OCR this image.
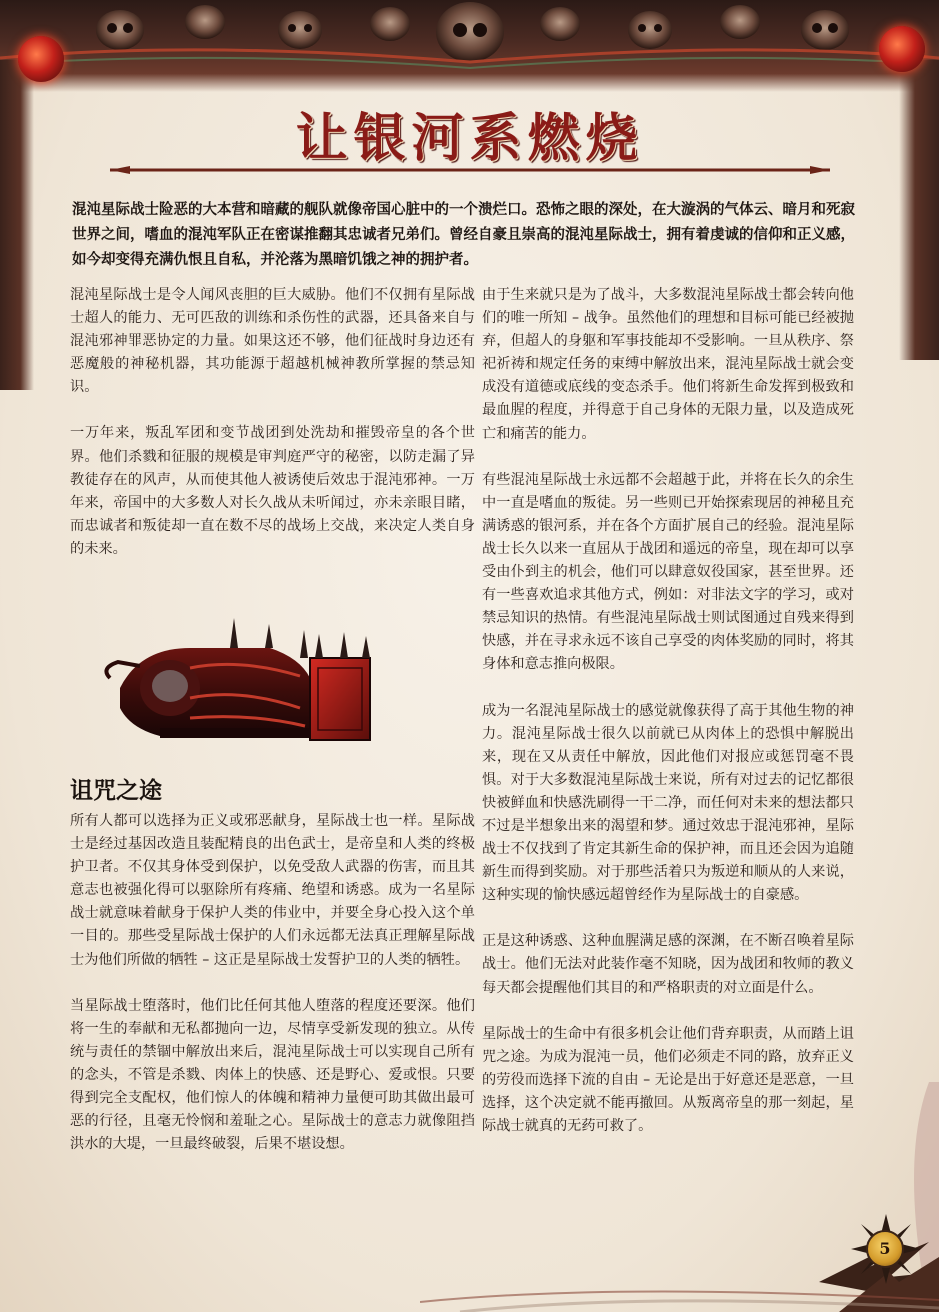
让银河系燃烧
混沌星际战士险恶的大本营和暗藏的舰队就像帝国心脏中的一个溃烂口。恐怖之眼的深处，在大漩涡的气体云、暗月和死寂世界之间，嗜血的混沌军队正在密谋推翻其忠诚者兄弟们。曾经自豪且崇高的混沌星际战士，拥有着虔诚的信仰和正义感，如今却变得充满仇恨且自私，并沦落为黑暗饥饿之神的拥护者。

混沌星际战士是令人闻风丧胆的巨大威胁。他们不仅拥有星际战士超人的能力、无可匹敌的训练和杀伤性的武器，还具备来自与混沌邪神罪恶协定的力量。如果这还不够，他们征战时身边还有恶魔般的神秘机器，其功能源于超越机械神教所掌握的禁忌知识。

一万年来，叛乱军团和变节战团到处洗劫和摧毁帝皇的各个世界。他们杀戮和征服的规模是审判庭严守的秘密，以防走漏了异教徒存在的风声，从而使其他人被诱使后效忠于混沌邪神。一万年来，帝国中的大多数人对长久战从未听闻过，亦未亲眼目睹，而忠诚者和叛徒却一直在数不尽的战场上交战，来决定人类自身的未来。

诅咒之途

所有人都可以选择为正义或邪恶献身，星际战士也一样。星际战士是经过基因改造且装配精良的出色武士，是帝皇和人类的终极护卫者。不仅其身体受到保护，以免受敌人武器的伤害，而且其意志也被强化得可以驱除所有疼痛、绝望和诱惑。成为一名星际战士就意味着献身于保护人类的伟业中，并要全身心投入这个单一目的。那些受星际战士保护的人们永远都无法真正理解星际战士为他们所做的牺牲 – 这正是星际战士发誓护卫的人类的牺牲。

当星际战士堕落时，他们比任何其他人堕落的程度还要深。他们将一生的奉献和无私都抛向一边，尽情享受新发现的独立。从传统与责任的禁锢中解放出来后，混沌星际战士可以实现自己所有的念头，不管是杀戮、肉体上的快感、还是野心、爱或恨。只要得到完全支配权，他们惊人的体魄和精神力量便可助其做出最可恶的行径，且毫无怜悯和羞耻之心。星际战士的意志力就像阻挡洪水的大堤，一旦最终破裂，后果不堪设想。

由于生来就只是为了战斗，大多数混沌星际战士都会转向他们的唯一所知 – 战争。虽然他们的理想和目标可能已经被抛弃，但超人的身躯和军事技能却不受影响。一旦从秩序、祭祀祈祷和规定任务的束缚中解放出来，混沌星际战士就会变成没有道德或底线的变态杀手。他们将新生命发挥到极致和最血腥的程度，并得意于自己身体的无限力量，以及造成死亡和痛苦的能力。

有些混沌星际战士永远都不会超越于此，并将在长久的余生中一直是嗜血的叛徒。另一些则已开始探索现居的神秘且充满诱惑的银河系，并在各个方面扩展自己的经验。混沌星际战士长久以来一直屈从于战团和遥远的帝皇，现在却可以享受由仆到主的机会，他们可以肆意奴役国家，甚至世界。还有一些喜欢追求其他方式，例如：对非法文字的学习，或对禁忌知识的热情。有些混沌星际战士则试图通过自残来得到快感，并在寻求永远不该自己享受的肉体奖励的同时，将其身体和意志推向极限。

成为一名混沌星际战士的感觉就像获得了高于其他生物的神力。混沌星际战士很久以前就已从肉体上的恐惧中解脱出来，现在又从责任中解放，因此他们对报应或惩罚毫不畏惧。对于大多数混沌星际战士来说，所有对过去的记忆都很快被鲜血和快感洗刷得一干二净，而任何对未来的想法都只不过是半想象出来的渴望和梦。通过效忠于混沌邪神，星际战士不仅找到了肯定其新生命的保护神，而且还会因为追随新生而得到奖励。对于那些活着只为叛逆和顺从的人来说，这种实现的愉快感远超曾经作为星际战士的自豪感。

正是这种诱惑、这种血腥满足感的深渊，在不断召唤着星际战士。他们无法对此装作毫不知晓，因为战团和牧师的教义每天都会提醒他们其目的和严格职责的对立面是什么。

星际战士的生命中有很多机会让他们背弃职责，从而踏上诅咒之途。为成为混沌一员，他们必须走不同的路，放弃正义的劳役而选择下流的自由 – 无论是出于好意还是恶意，一旦选择，这个决定就不能再撤回。从叛离帝皇的那一刻起，星际战士就真的无药可救了。

5
